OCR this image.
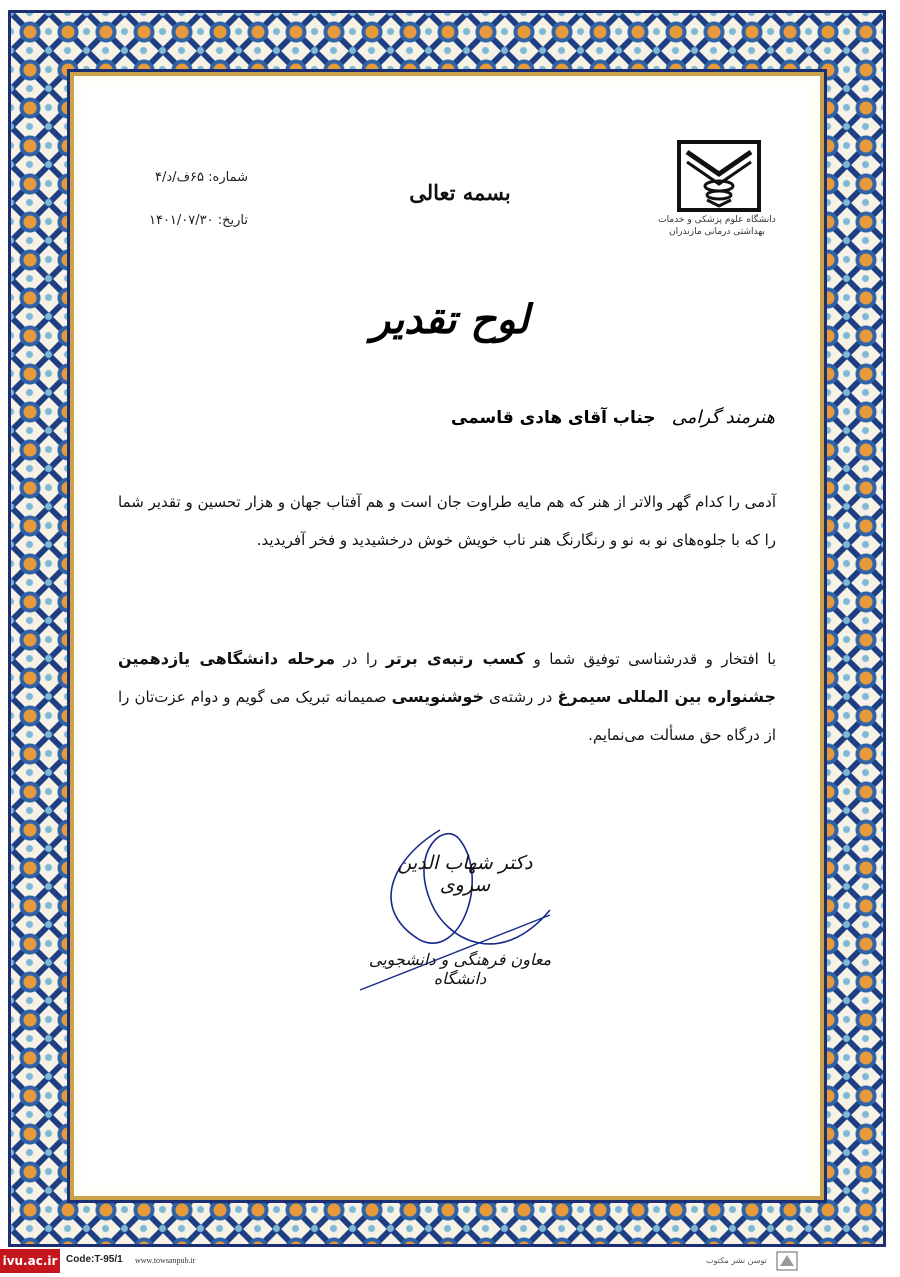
دانشگاه علوم پزشکی و خدمات بهداشتی درمانی مازندران
بسمه تعالی
شماره: ۶۵ف/د/۴
تاریخ: ۱۴۰۱/۰۷/۳۰
لوح تقدیر
هنرمند گرامی   جناب آقای هادی قاسمی
آدمی را کدام گهر والاتر از هنر که هم مایه طراوت جان است و هم آفتاب جهان و هزار تحسین و تقدیر شما را که با جلوه‌های نو به نو و رنگارنگ هنر ناب خویش خوش درخشیدید و فخر آفریدید.
با افتخار و قدرشناسی توفیق شما و کسب رتبه‌ی برتر را در مرحله دانشگاهی یازدهمین جشنواره بین المللی سیمرغ در رشته‌ی خوشنویسی صمیمانه تبریک می گویم و دوام عزت‌تان را از درگاه حق مسألت می‌نمایم.
دکتر شهاب الدین سروی
معاون فرهنگی و دانشجویی دانشگاه
ivu.ac.ir Code:T-95/1 www.towsanpub.ir	توسن نشر مکتوب
